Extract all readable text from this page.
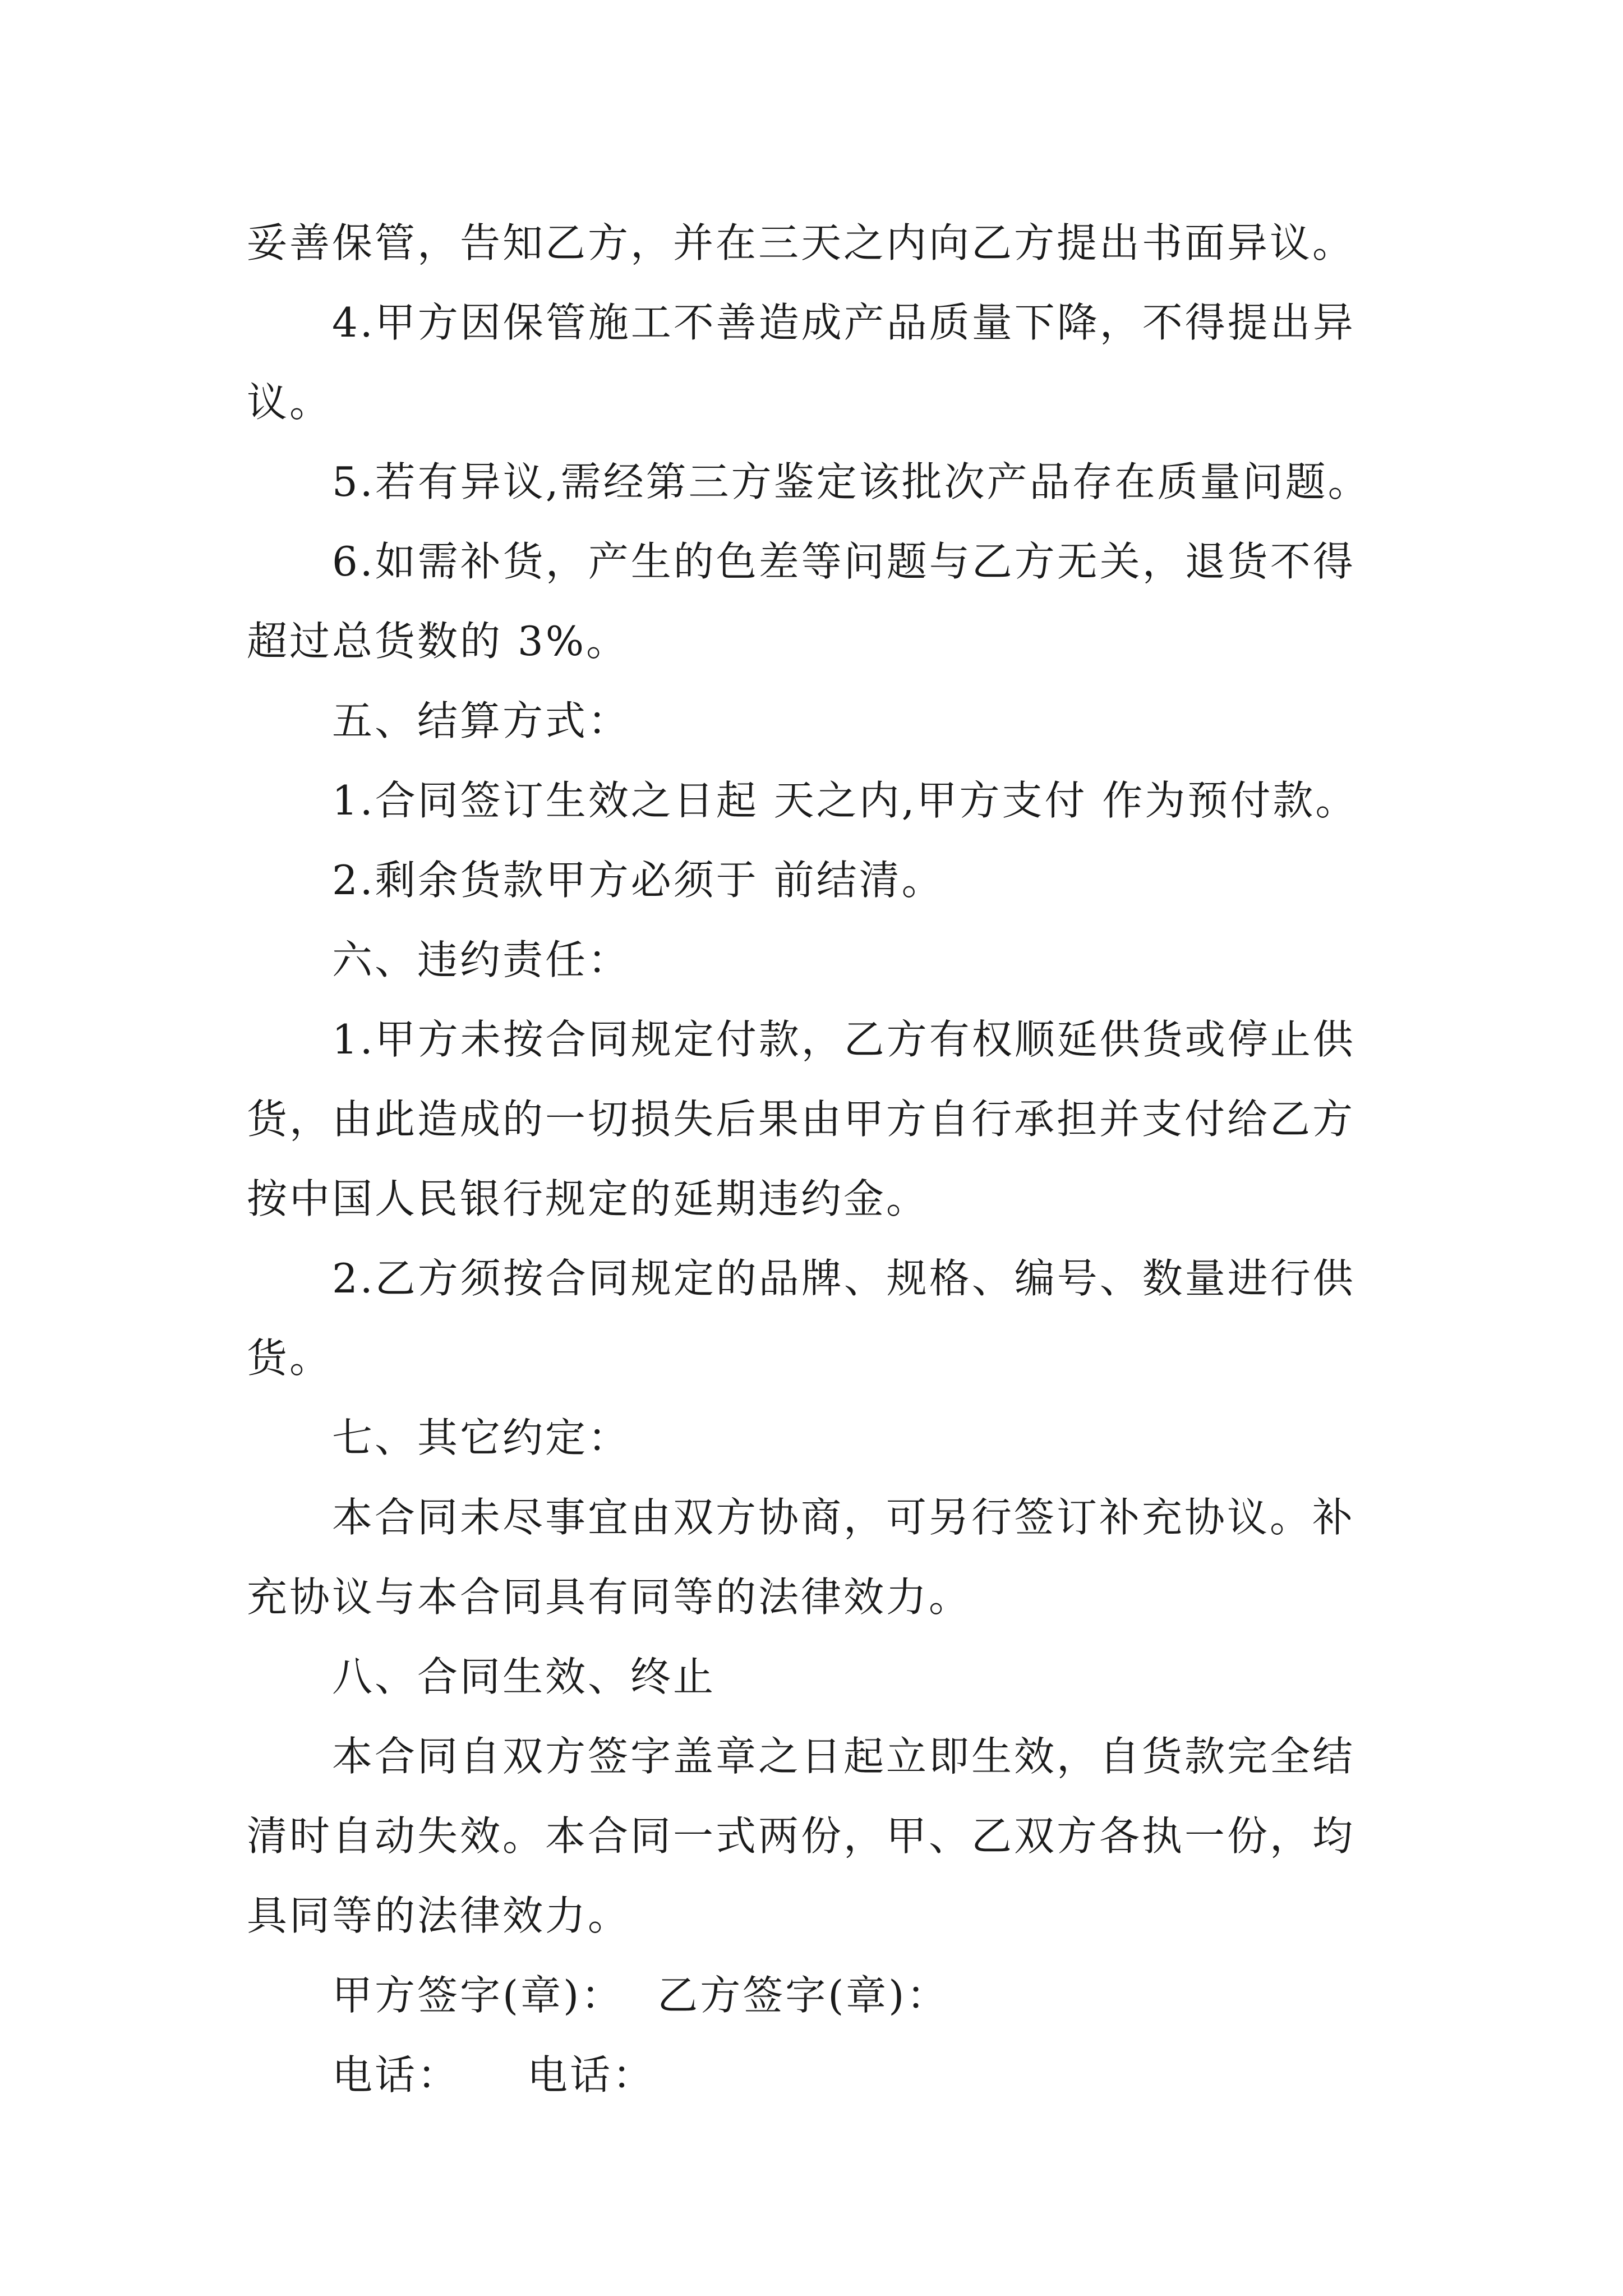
妥善保管，告知乙方，并在三天之内向乙方提出书面异议。
4.甲方因保管施工不善造成产品质量下降，不得提出异
议。
5.若有异议,需经第三方鉴定该批次产品存在质量问题。
6.如需补货，产生的色差等问题与乙方无关，退货不得
超过总货数的 3%。
五、结算方式：
1.合同签订生效之日起 天之内,甲方支付 作为预付款。
2.剩余货款甲方必须于 前结清。
六、违约责任：
1.甲方未按合同规定付款，乙方有权顺延供货或停止供
货，由此造成的一切损失后果由甲方自行承担并支付给乙方
按中国人民银行规定的延期违约金。
2.乙方须按合同规定的品牌、规格、编号、数量进行供
货。
七、其它约定：
本合同未尽事宜由双方协商，可另行签订补充协议。补
充协议与本合同具有同等的法律效力。
八、合同生效、终止
本合同自双方签字盖章之日起立即生效，自货款完全结
清时自动失效。本合同一式两份，甲、乙双方各执一份，均
具同等的法律效力。
甲方签字(章)： 乙方签字(章)：
电话： 电话：
